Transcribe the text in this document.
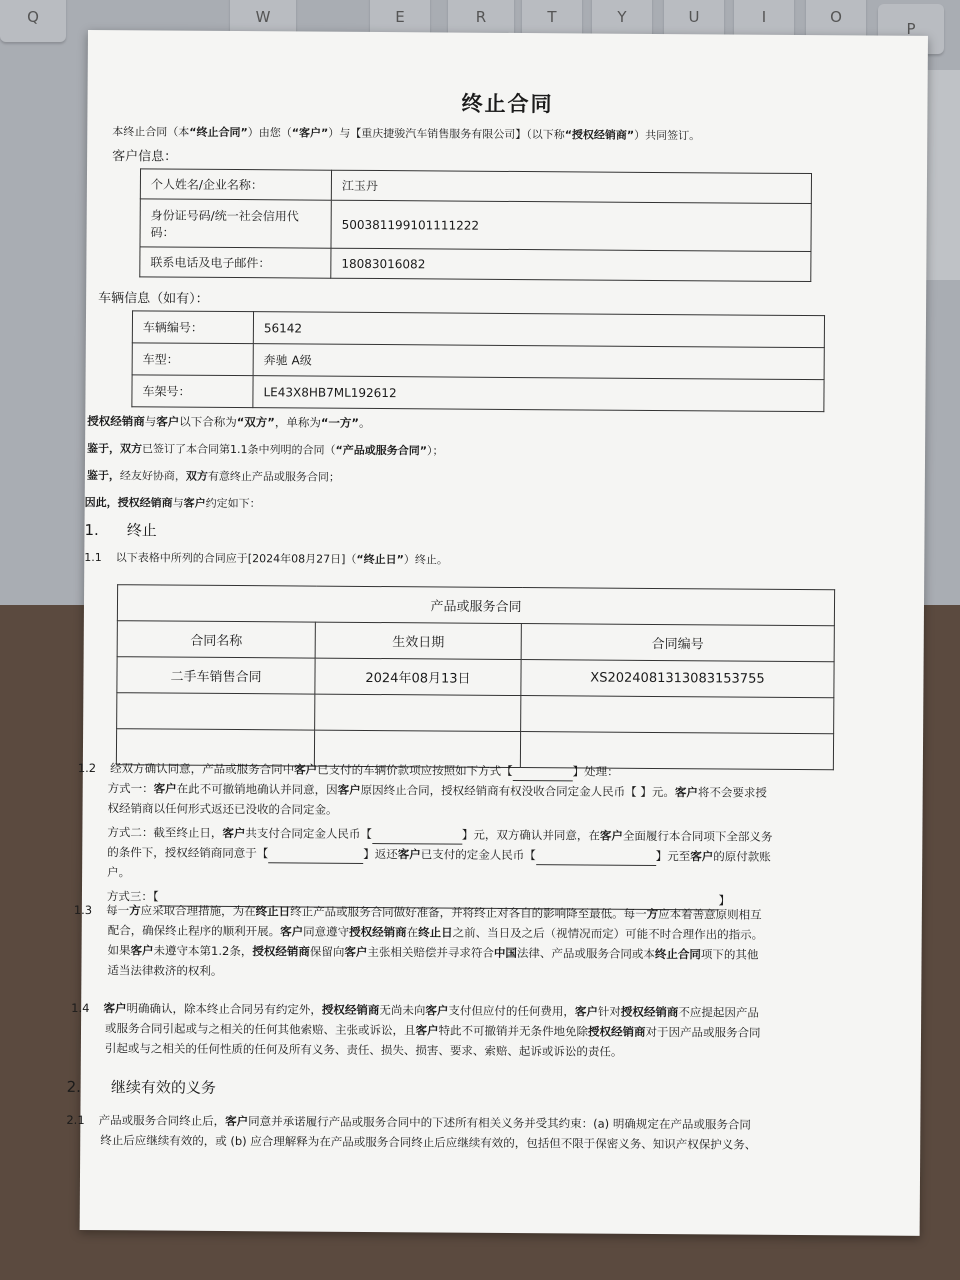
Q	W	E	R	T	Y	U	I	O
P
终止合同
本终止合同（本“终止合同”）由您（“客户”）与【重庆捷骏汽车销售服务有限公司】（以下称“授权经销商”）共同签订。
客户信息：
个人姓名/企业名称：	江玉丹
身份证号码/统一社会信用代码：	500381199101111222
联系电话及电子邮件：	18083016082
车辆信息（如有）：
车辆编号：	56142
车型：	奔驰 A级
车架号：	LE43X8HB7ML192612
授权经销商与客户以下合称为“双方”，单称为“一方”。
鉴于，双方已签订了本合同第1.1条中列明的合同（“产品或服务合同”）；
鉴于，经友好协商，双方有意终止产品或服务合同；
因此，授权经销商与客户约定如下：
1. 终止
1.1 以下表格中所列的合同应于[2024年08月27日]（“终止日”）终止。
产品或服务合同		
合同名称	生效日期	合同编号
二手车销售合同	2024年08月13日	XS20240813130831537​55

1.2 经双方确认同意，产品或服务合同中客户已支付的车辆价款项应按照如下方式【	】处理：
方式一：客户在此不可撤销地确认并同意，因客户原因终止合同，授权经销商有权没收合同定金人民币【 】元。客户将不会要求授
权经销商以任何形式返还已没收的合同定金。
方式二：截至终止日，客户共支付合同定金人民币【	】元，双方确认并同意，在客户全面履行本合同项下全部义务
的条件下，授权经销商同意于【	】返还客户已支付的定金人民币【	】元至客户的原付款账
户。
方式三：【	】
1.3 每一方应采取合理措施，为在终止日终止产品或服务合同做好准备，并将终止对各自的影响降至最低。每一方应本着善意原则相互
配合，确保终止程序的顺利开展。客户同意遵守授权经销商在终止日之前、当日及之后（视情况而定）可能不时合理作出的指示。
如果客户未遵守本第1.2条，授权经销商保留向客户主张相关赔偿并寻求符合中国法律、产品或服务合同或本终止合同项下的其他
适当法律救济的权利。
1.4 客户明确确认，除本终止合同另有约定外，授权经销商无尚未向客户支付但应付的任何费用，客户针对授权经销商不应提起因产品
或服务合同引起或与之相关的任何其他索赔、主张或诉讼，且客户特此不可撤销并无条件地免除授权经销商对于因产品或服务合同
引起或与之相关的任何性质的任何及所有义务、责任、损失、损害、要求、索赔、起诉或诉讼的责任。
2. 继续有效的义务
2.1 产品或服务合同终止后，客户同意并承诺履行产品或服务合同中的下述所有相关义务并受其约束：(a) 明确规定在产品或服务合同
终止后应继续有效的，或 (b) 应合理解释为在产品或服务合同终止后应继续有效的，包括但不限于保密义务、知识产权保护义务、
